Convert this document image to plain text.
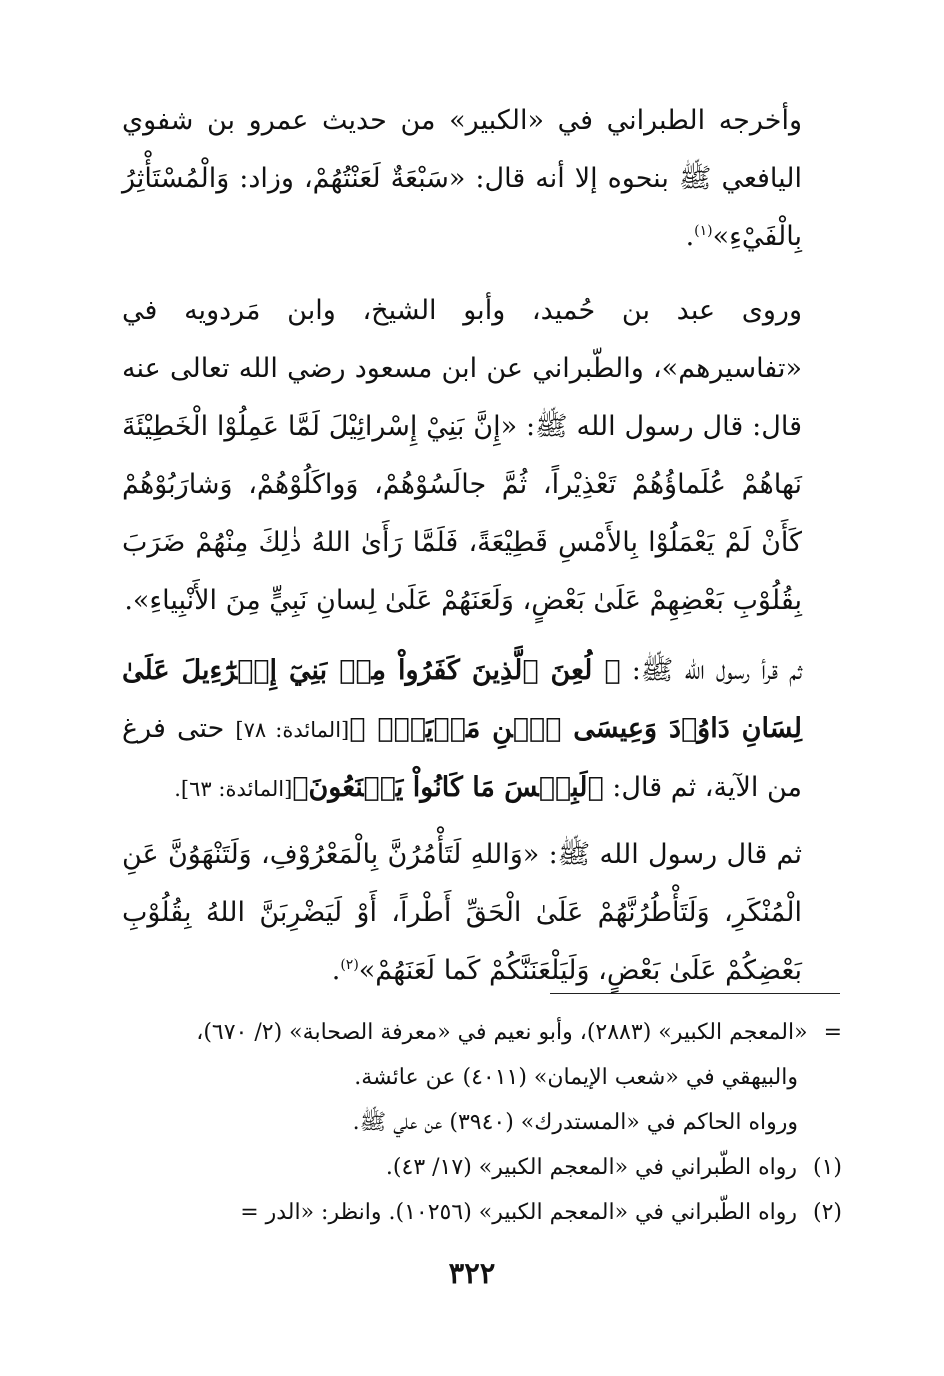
وأخرجه الطبراني في «الكبير» من حديث عمرو بن شفوي اليافعي ﷺ بنحوه إلا أنه قال: «سَبْعَةٌ لَعَنْتُهُمْ، وزاد: وَالْمُسْتَأْثِرُ بِالْفَيْءِ»$^{(١)}$.

وروى عبد بن حُميد، وأبو الشيخ، وابن مَردويه في «تفاسيرهم»، والطّبراني عن ابن مسعود رضي الله تعالى عنه قال: قال رسول الله ﷺ: «إِنَّ بَنِيْ إِسْرائِيْلَ لَمَّا عَمِلُوْا الْخَطِيْئَةَ نَهاهُمْ عُلَماؤُهُمْ تَعْذِيْراً، ثُمَّ جالَسُوْهُمْ، وَواكَلُوْهُمْ، وَشارَبُوْهُمْ كَأَنْ لَمْ يَعْمَلُوْا بِالأَمْسِ قَطِيْعَةً، فَلَمَّا رَأَىٰ اللهُ ذٰلِكَ مِنْهُمْ ضَرَبَ بِقُلُوْبِ بَعْضِهِمْ عَلَىٰ بَعْضٍ، وَلَعَنَهُمْ عَلَىٰ لِسانِ نَبِيٍّ مِنَ الأَنْبِياءِ».

ثم قرأ رسول الله ﷺ: ﴿ لُعِنَ ٱلَّذِينَ كَفَرُواْ مِنۢ بَنِيٓ إِسۡرَٰٓءِيلَ عَلَىٰ لِسَانِ دَاوُۥدَ وَعِيسَى ٱبۡنِ مَرۡيَمَۚ ﴾[المائدة: ٧٨] حتى فرغ من الآية، ثم قال: ﴿لَبِئۡسَ مَا كَانُواْ يَصۡنَعُونَ﴾[المائدة: ٦٣].

ثم قال رسول الله ﷺ: «وَاللهِ لَتَأْمُرُنَّ بِالْمَعْرُوْفِ، وَلَتَنْهَوُنَّ عَنِ الْمُنْكَرِ، وَلَتَأْطُرُنَّهُمْ عَلَىٰ الْحَقِّ أَطْراً، أَوْ لَيَضْرِبَنَّ اللهُ بِقُلُوْبِ بَعْضِكُمْ عَلَىٰ بَعْضٍ، وَلَيَلْعَنَنَّكُمْ كَما لَعَنَهُمْ»$^{(٢)}$.

=«المعجم الكبير» (٢٨٨٣)، وأبو نعيم في «معرفة الصحابة» (٢/ ٦٧٠)،

والبيهقي في «شعب الإيمان» (٤٠١١) عن عائشة.

ورواه الحاكم في «المستدرك» (٣٩٤٠) عن علي ﷺ.

(١)رواه الطّبراني في «المعجم الكبير» (١٧/ ٤٣).

(٢)رواه الطّبراني في «المعجم الكبير» (١٠٢٥٦). وانظر: «الدر =

٣٢٢
